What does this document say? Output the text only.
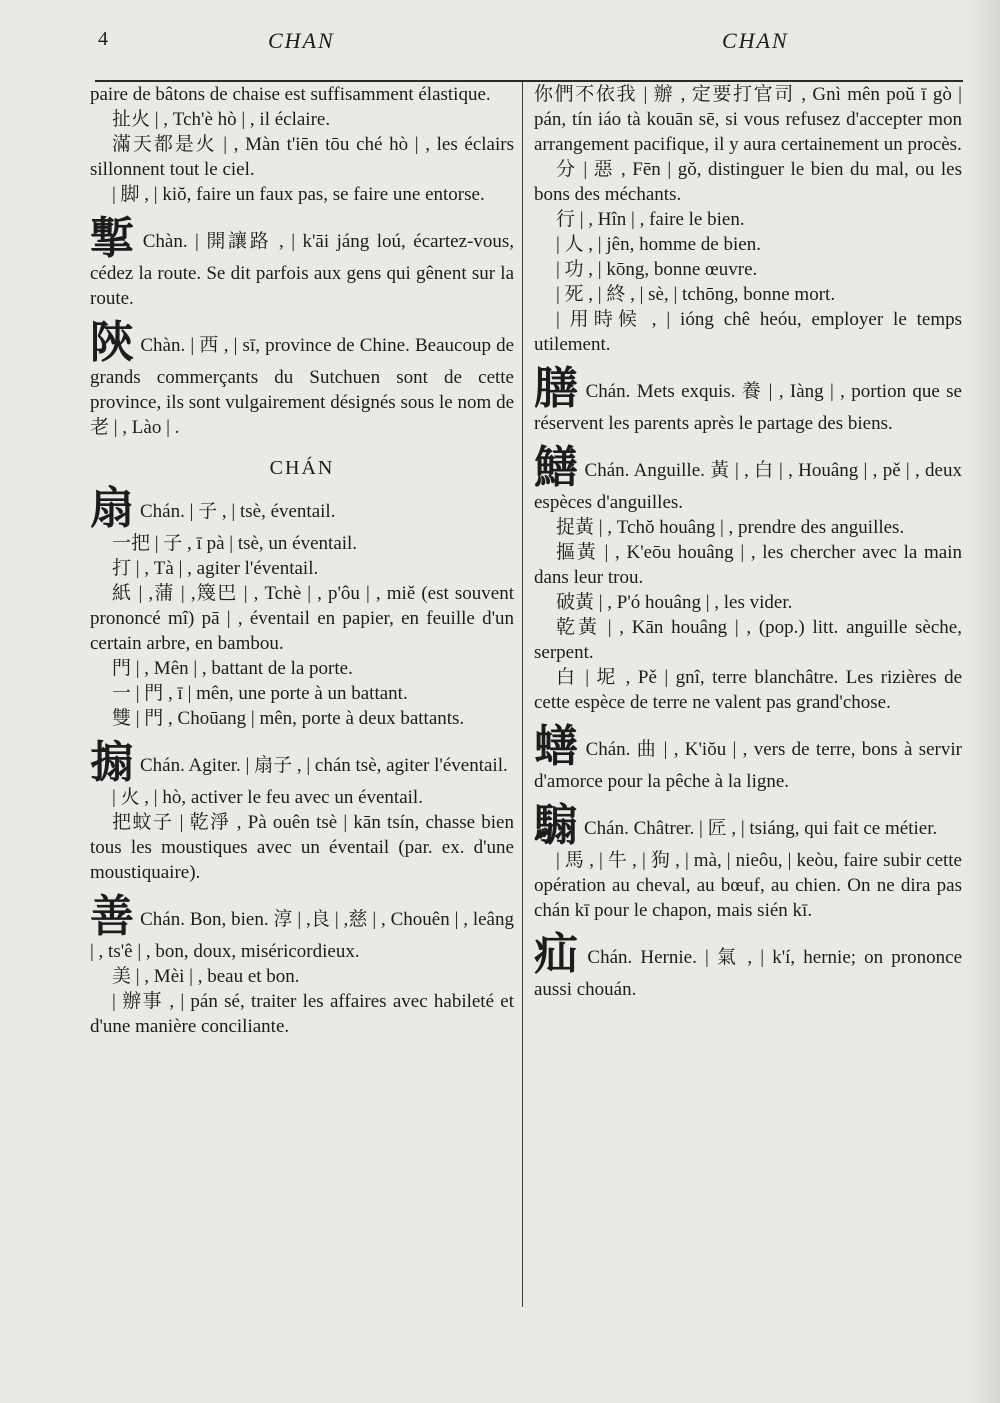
4	CHAN	CHAN

paire de bâtons de chaise est suffisamment élastique.

扯火 | , Tch'è hò | , il éclaire.

滿天都是火 | , Màn t'iēn tōu ché hò | , les éclairs sillonnent tout le ciel.

| 脚 , | kiŏ, faire un faux pas, se faire une entorse.

㨻 Chàn. | 開讓路 , | k'āi jáng loú, écartez-vous, cédez la route. Se dit parfois aux gens qui gênent sur la route.

陝 Chàn. | 西 , | sī, province de Chine. Beaucoup de grands commerçants du Sutchuen sont de cette province, ils sont vulgairement désignés sous le nom de 老 | , Lào | .

CHÁN

扇 Chán. | 子 , | tsè, éventail.

一把 | 子 , ī pà | tsè, un éventail.

打 | , Tà | , agiter l'éventail.

紙 | ,蒲 | ,篾巴 | , Tchè | , p'ôu | , miě (est souvent prononcé mî) pā | , éventail en papier, en feuille d'un certain arbre, en bambou.

門 | , Mên | , battant de la porte.

一 | 門 , ī | mên, une porte à un battant.

雙 | 門 , Choūang | mên, porte à deux battants.

搧 Chán. Agiter. | 扇子 , | chán tsè, agiter l'éventail.

| 火 , | hò, activer le feu avec un éventail.

把蚊子 | 乾淨 , Pà ouên tsè | kān tsín, chasse bien tous les moustiques avec un éventail (par. ex. d'une moustiquaire).

善 Chán. Bon, bien. 淳 | ,良 | ,慈 | , Chouên | , leâng | , ts'ê | , bon, doux, miséricordieux.

美 | , Mèi | , beau et bon.

| 辦事 , | pán sé, traiter les affaires avec habileté et d'une manière conciliante.

你們不依我 | 辦 , 定要打官司 , Gnì mên poŭ ī gò | pán, tín iáo tà kouān sē, si vous refusez d'accepter mon arrangement pacifique, il y aura certainement un procès.

分 | 惡 , Fēn | gŏ, distinguer le bien du mal, ou les bons des méchants.

行 | , Hîn | , faire le bien.

| 人 , | jên, homme de bien.

| 功 , | kōng, bonne œuvre.

| 死 , | 終 , | sè, | tchōng, bonne mort.

| 用時候 , | ióng chê heóu, employer le temps utilement.

膳 Chán. Mets exquis. 養 | , Iàng | , portion que se réservent les parents après le partage des biens.

鱔 Chán. Anguille. 黃 | , 白 | , Houâng | , pě | , deux espèces d'anguilles.

捉黃 | , Tchŏ houâng | , prendre des anguilles.

摳黃 | , K'eōu houâng | , les chercher avec la main dans leur trou.

破黃 | , P'ó houâng | , les vider.

乾黃 | , Kān houâng | , (pop.) litt. anguille sèche, serpent.

白 | 坭 , Pě | gnî, terre blanchâtre. Les rizières de cette espèce de terre ne valent pas grand'chose.

蟮 Chán. 曲 | , K'iŏu | , vers de terre, bons à servir d'amorce pour la pêche à la ligne.

騸 Chán. Châtrer. | 匠 , | tsiáng, qui fait ce métier.

| 馬 , | 牛 , | 狗 , | mà, | nieôu, | keòu, faire subir cette opération au cheval, au bœuf, au chien. On ne dira pas chán kī pour le chapon, mais sién kī.

疝 Chán. Hernie. | 氣 , | k'í, hernie; on prononce aussi chouán.
